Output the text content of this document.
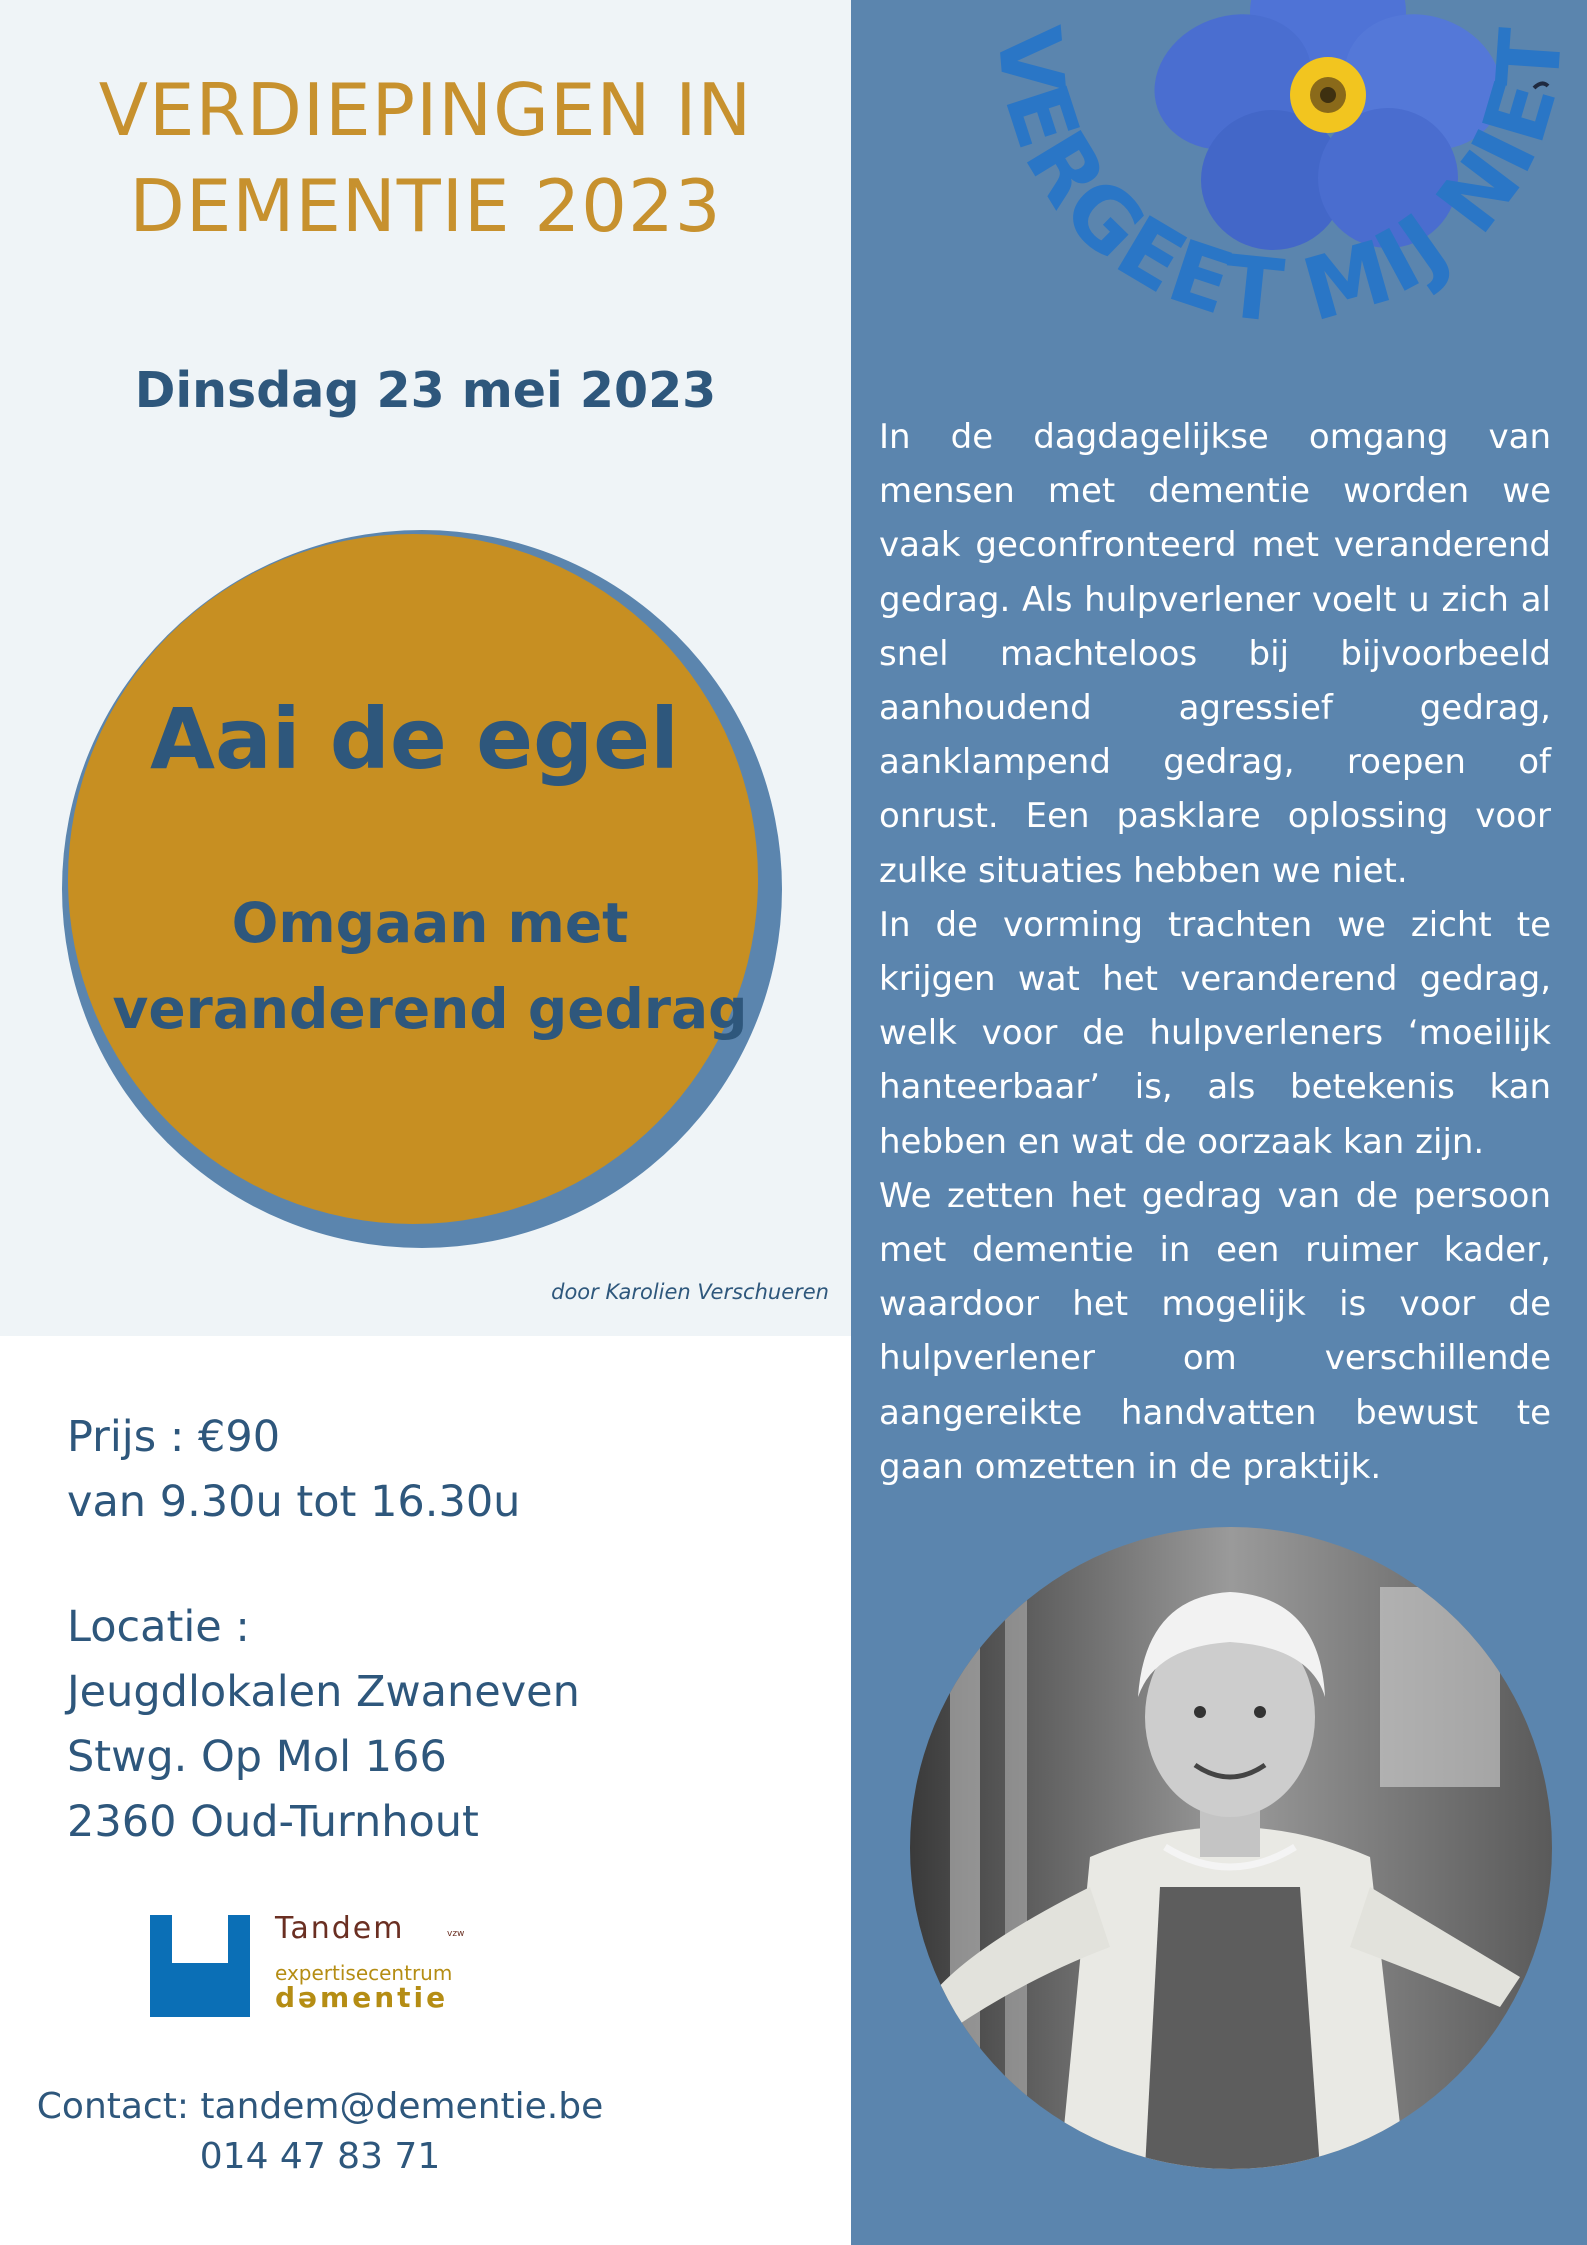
VERDIEPINGEN IN
DEMENTIE 2023
Dinsdag 23 mei 2023
Aai de egel
Omgaan met
veranderend gedrag
door Karolien Verschueren
Prijs : €90
van 9.30u tot 16.30u
Locatie :
Jeugdlokalen Zwaneven
Stwg. Op Mol 166
2360 Oud-Turnhout
Tandem	vzw
expertisecentrum
dəmentie
Contact: tandem@dementie.be
014 47 83 71
VERGEET MIJ NIET

In de dagdagelijkse omgang van mensen met dementie worden we vaak geconfronteerd met veranderend gedrag. Als hulpverlener voelt u zich al snel machteloos bij bijvoorbeeld aanhoudend agressief gedrag, aanklampend gedrag, roepen of onrust. Een pasklare oplossing voor zulke situaties hebben we niet.

In de vorming trachten we zicht te krijgen wat het veranderend gedrag, welk voor de hulpverleners ‘moeilijk hanteerbaar’ is, als betekenis kan hebben en wat de oorzaak kan zijn.

We zetten het gedrag van de persoon met dementie in een ruimer kader, waardoor het mogelijk is voor de hulpverlener om verschillende aangereikte handvatten bewust te gaan omzetten in de praktijk.
